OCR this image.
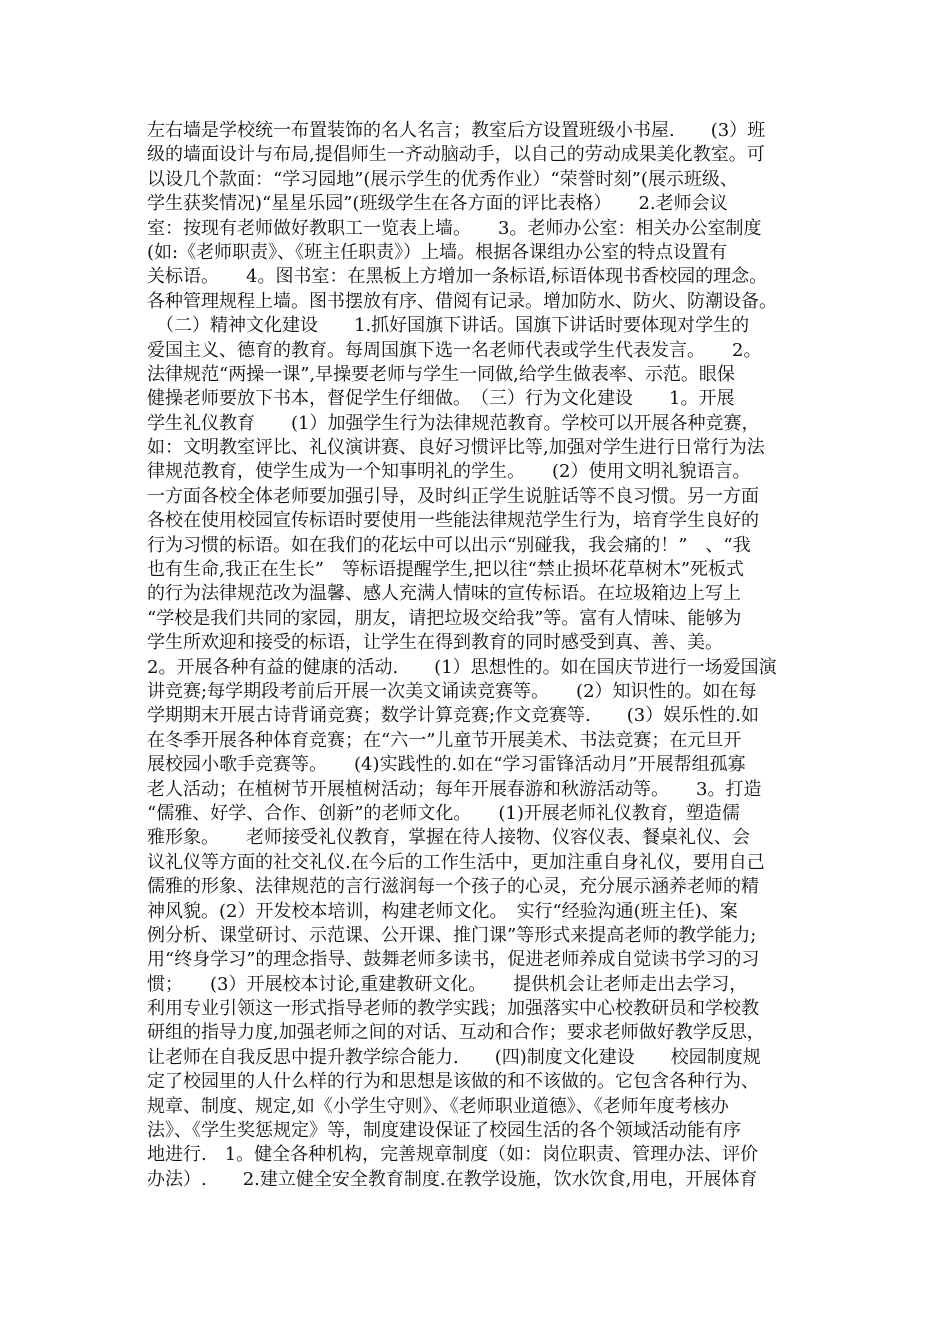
左右墙是学校统一布置装饰的名人名言；教室后方设置班级小书屋.　　(3）班
级的墙面设计与布局,提倡师生一齐动脑动手，以自己的劳动成果美化教室。可
以设几个款面：“学习园地”(展示学生的优秀作业）“荣誉时刻”(展示班级、
学生获奖情况)“星星乐园”(班级学生在各方面的评比表格）　　2.老师会议
室：按现有老师做好教职工一览表上墙。　　3。老师办公室：相关办公室制度
(如:《老师职责》、《班主任职责》）上墙。根据各课组办公室的特点设置有
关标语。　　4。图书室：在黑板上方增加一条标语,标语体现书香校园的理念。
各种管理规程上墙。图书摆放有序、借阅有记录。增加防水、防火、防潮设备。
　（二）精神文化建设　　1.抓好国旗下讲话。国旗下讲话时要体现对学生的
爱国主义、德育的教育。每周国旗下选一名老师代表或学生代表发言。　　2。
法律规范“两操一课”,早操要老师与学生一同做,给学生做表率、示范。眼保
健操老师要放下书本，督促学生仔细做。　（三）行为文化建设　　1。开展
学生礼仪教育　　(1）加强学生行为法律规范教育。学校可以开展各种竞赛，
如：文明教室评比、礼仪演讲赛、良好习惯评比等,加强对学生进行日常行为法
律规范教育，使学生成为一个知事明礼的学生。　　(2）使用文明礼貌语言。
一方面各校全体老师要加强引导，及时纠正学生说脏话等不良习惯。另一方面
各校在使用校园宣传标语时要使用一些能法律规范学生行为，培育学生良好的
行为习惯的标语。如在我们的花坛中可以出示“别碰我，我会痛的！”　、“我
也有生命,我正在生长”　等标语提醒学生,把以往“禁止损坏花草树木”死板式
的行为法律规范改为温馨、感人充满人情味的宣传标语。在垃圾箱边上写上
“学校是我们共同的家园，朋友，请把垃圾交给我”等。富有人情味、能够为
学生所欢迎和接受的标语，让学生在得到教育的同时感受到真、善、美。
2。开展各种有益的健康的活动.　　(1）思想性的。如在国庆节进行一场爱国演
讲竞赛;每学期段考前后开展一次美文诵读竞赛等。　　(2）知识性的。如在每
学期期末开展古诗背诵竞赛；数学计算竞赛;作文竞赛等.　　(3）娱乐性的.如
在冬季开展各种体育竞赛；在“六一”儿童节开展美术、书法竞赛；在元旦开
展校园小歌手竞赛等。　　(4)实践性的.如在“学习雷锋活动月”开展帮组孤寡
老人活动；在植树节开展植树活动；每年开展春游和秋游活动等。　　3。打造
“儒雅、好学、合作、创新”的老师文化。　　(1)开展老师礼仪教育，塑造儒
雅形象。　　老师接受礼仪教育，掌握在待人接物、仪容仪表、餐桌礼仪、会
议礼仪等方面的社交礼仪.在今后的工作生活中，更加注重自身礼仪，要用自己
儒雅的形象、法律规范的言行滋润每一个孩子的心灵，充分展示涵养老师的精
神风貌。(2）开发校本培训，构建老师文化。　实行“经验沟通(班主任)、案
例分析、课堂研讨、示范课、公开课、推门课”等形式来提高老师的教学能力;
用“终身学习”的理念指导、鼓舞老师多读书，促进老师养成自觉读书学习的习
惯；　　(3）开展校本讨论,重建教研文化。　　提供机会让老师走出去学习，
利用专业引领这一形式指导老师的教学实践；加强落实中心校教研员和学校教
研组的指导力度,加强老师之间的对话、互动和合作；要求老师做好教学反思，
让老师在自我反思中提升教学综合能力.　　(四)制度文化建设　　校园制度规
定了校园里的人什么样的行为和思想是该做的和不该做的。它包含各种行为、
规章、制度、规定,如《小学生守则》、《老师职业道德》、《老师年度考核办
法》、《学生奖惩规定》等，制度建设保证了校园生活的各个领域活动能有序
地进行.　1。健全各种机构，完善规章制度（如：岗位职责、管理办法、评价
办法）.　　2.建立健全安全教育制度.在教学设施，饮水饮食,用电，开展体育
